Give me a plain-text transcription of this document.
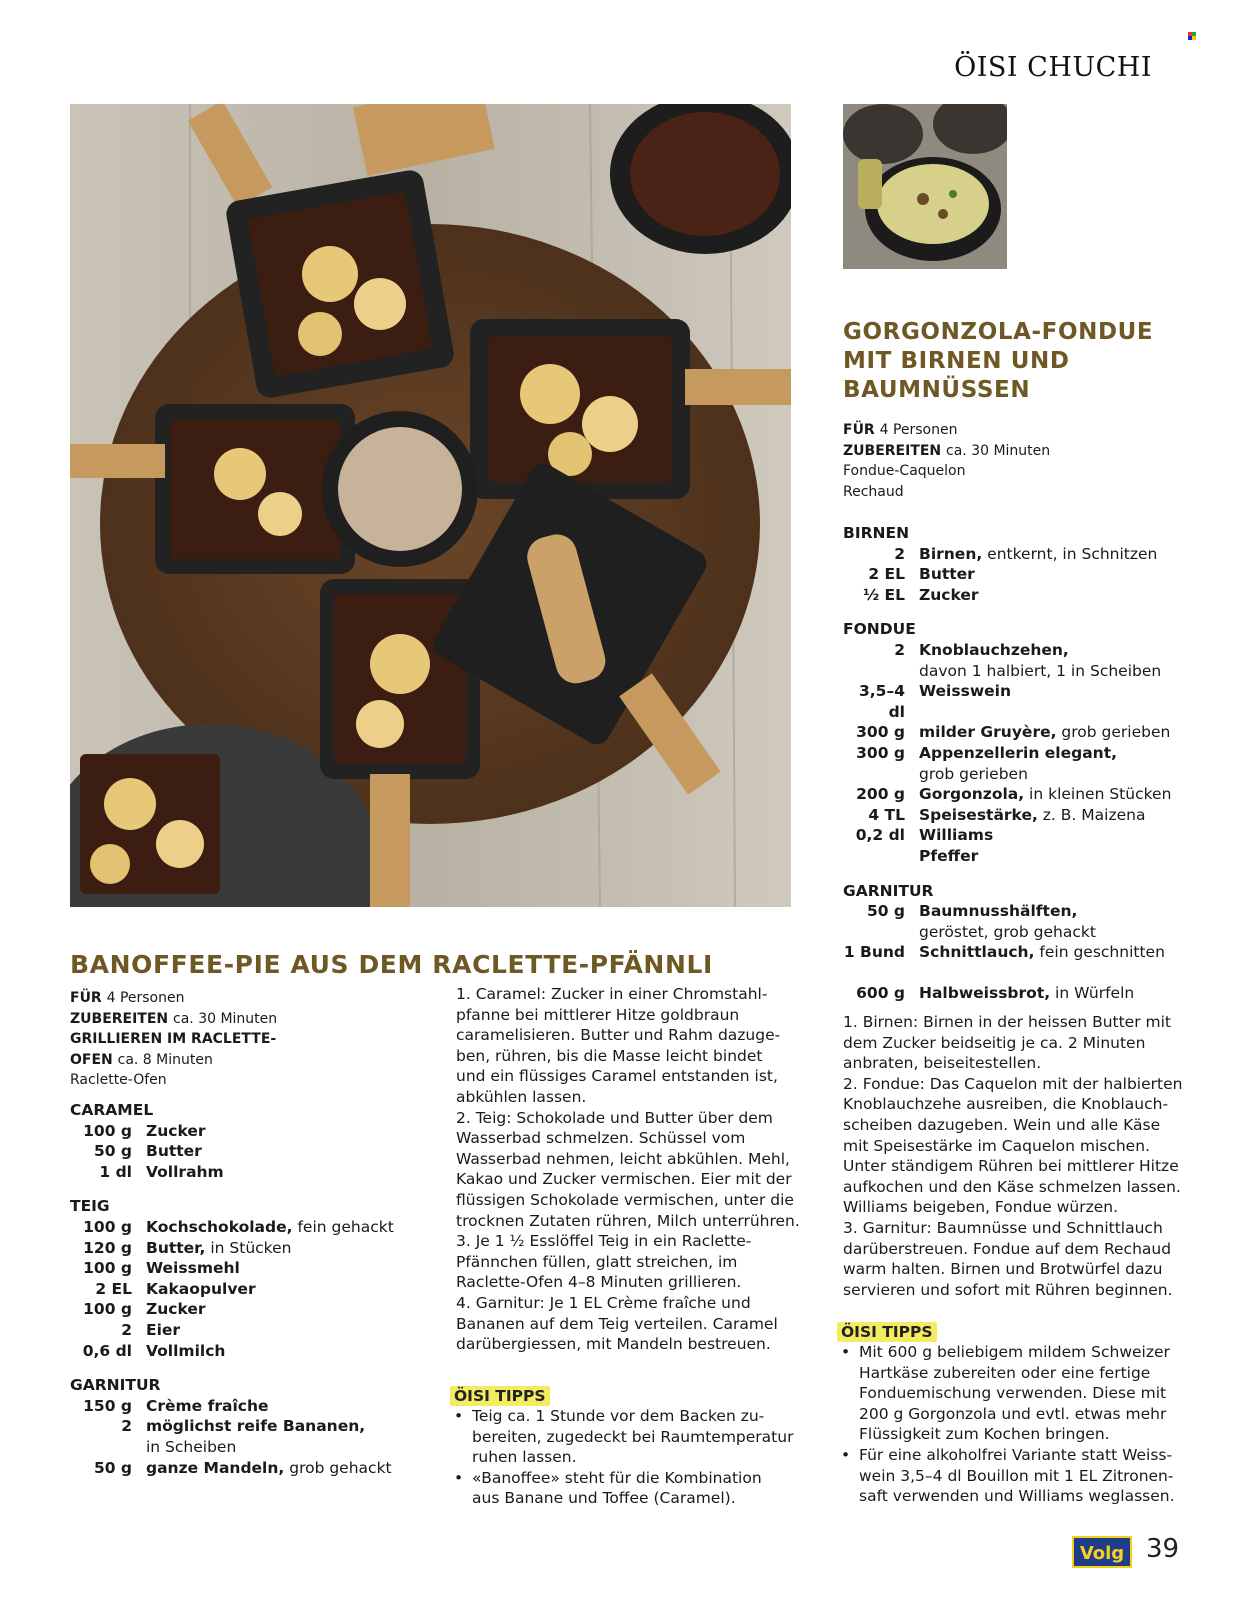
ÖISI CHUCHI
BANOFFEE-PIE AUS DEM RACLETTE-PFÄNNLI
FÜR 4 Personen
ZUBEREITEN ca. 30 Minuten
GRILLIEREN IM RACLETTE-
OFEN ca. 8 Minuten
Raclette-Ofen
CARAMEL
100 g Zucker
50 g Butter
1 dl Vollrahm
TEIG
100 g Kochschokolade, fein gehackt
120 g Butter, in Stücken
100 g Weissmehl
2 EL Kakaopulver
100 g Zucker
2 Eier
0,6 dl Vollmilch
GARNITUR
150 g Crème fraîche
2 möglichst reife Bananen,
in Scheiben
50 g ganze Mandeln, grob gehackt

1. Caramel: Zucker in einer Chromstahl-

pfanne bei mittlerer Hitze goldbraun

caramelisieren. Butter und Rahm dazuge-

ben, rühren, bis die Masse leicht bindet

und ein flüssiges Caramel entstanden ist,

abkühlen lassen.

2. Teig: Schokolade und Butter über dem

Wasserbad schmelzen. Schüssel vom

Wasserbad nehmen, leicht abkühlen. Mehl,

Kakao und Zucker vermischen. Eier mit der

flüssigen Schokolade vermischen, unter die

trocknen Zutaten rühren, Milch unterrühren.

3. Je 1 ½ Esslöffel Teig in ein Raclette-

Pfännchen füllen, glatt streichen, im

Raclette-Ofen 4–8 Minuten grillieren.

4. Garnitur: Je 1 EL Crème fraîche und

Bananen auf dem Teig verteilen. Caramel

darübergiessen, mit Mandeln bestreuen.

ÖISI TIPPS
• Teig ca. 1 Stunde vor dem Backen zu-
bereiten, zugedeckt bei Raumtemperatur
ruhen lassen.
• «Banoffee» steht für die Kombination
aus Banane und Toffee (Caramel).
GORGONZOLA-FONDUE
MIT BIRNEN UND
BAUMNÜSSEN
FÜR 4 Personen
ZUBEREITEN ca. 30 Minuten
Fondue-Caquelon
Rechaud
BIRNEN
2 Birnen, entkernt, in Schnitzen
2 EL Butter
½ EL Zucker
FONDUE
2 Knoblauchzehen,
davon 1 halbiert, 1 in Scheiben
3,5–4 dl
Weisswein
300 g milder Gruyère, grob gerieben
300 g Appenzellerin elegant,
grob gerieben
200 g Gorgonzola, in kleinen Stücken
4 TL Speisestärke, z. B. Maizena
0,2 dl Williams
Pfeffer
GARNITUR
50 g Baumnusshälften,
geröstet, grob gehackt
1 Bund Schnittlauch, fein geschnitten
600 g Halbweissbrot, in Würfeln

1. Birnen: Birnen in der heissen Butter mit

dem Zucker beidseitig je ca. 2 Minuten

anbraten, beiseitestellen.

2. Fondue: Das Caquelon mit der halbierten

Knoblauchzehe ausreiben, die Knoblauch-

scheiben dazugeben. Wein und alle Käse

mit Speisestärke im Caquelon mischen.

Unter ständigem Rühren bei mittlerer Hitze

aufkochen und den Käse schmelzen lassen.

Williams beigeben, Fondue würzen.

3. Garnitur: Baumnüsse und Schnittlauch

darüberstreuen. Fondue auf dem Rechaud

warm halten. Birnen und Brotwürfel dazu

servieren und sofort mit Rühren beginnen.

ÖISI TIPPS
• Mit 600 g beliebigem mildem Schweizer
Hartkäse zubereiten oder eine fertige
Fonduemischung verwenden. Diese mit
200 g Gorgonzola und evtl. etwas mehr
Flüssigkeit zum Kochen bringen.
• Für eine alkoholfrei Variante statt Weiss-
wein 3,5–4 dl Bouillon mit 1 EL Zitronen-
saft verwenden und Williams weglassen.
Volg 39
